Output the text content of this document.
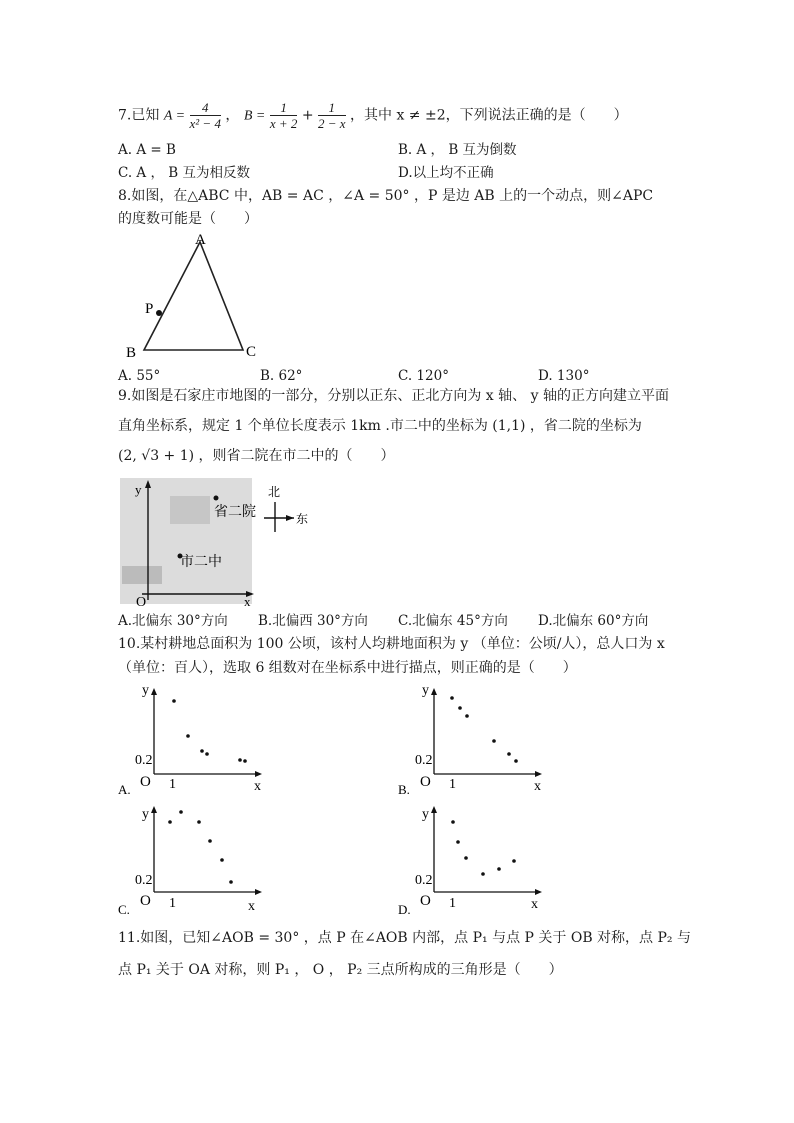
7.已知 $A = \frac{4}{\text{x² − 4}}$ ， $B = \frac{1}{x + 2} + \frac{1}{2 - x}$ ，其中 x ≠ ±2，下列说法正确的是（　　）
A. A = B	B. A ， B 互为倒数
C. A ， B 互为相反数	D.以上均不正确
8.如图，在△ABC 中，AB = AC ，∠A = 50° ，P 是边 AB 上的一个动点，则∠APC
的度数可能是（　　）
A
P
B	C
A. 55°	B. 62°	C. 120°	D. 130°
9.如图是石家庄市地图的一部分，分别以正东、正北方向为 x 轴、 y 轴的正方向建立平面
直角坐标系，规定 1 个单位长度表示 1km .市二中的坐标为 (1,1) ，省二院的坐标为
(2, √3 + 1) ，则省二院在市二中的（　　）
y
x
O
省二院
市二中
北
东
A.北偏东 30°方向 B.北偏西 30°方向 C.北偏东 45°方向 D.北偏东 60°方向
10.某村耕地总面积为 100 公顷，该村人均耕地面积为 y （单位：公顷/人），总人口为 x
（单位：百人），选取 6 组数对在坐标系中进行描点，则正确的是（　　）
y
O 1	x
0.2
A.
y
O 1	x
0.2
B.
y
O 1	x
0.2
C.
y
O 1	x
0.2
D.
11.如图，已知∠AOB = 30° ，点 P 在∠AOB 内部，点 P₁ 与点 P 关于 OB 对称，点 P₂ 与
点 P₁ 关于 OA 对称，则 P₁ ， O ， P₂ 三点所构成的三角形是（　　）
